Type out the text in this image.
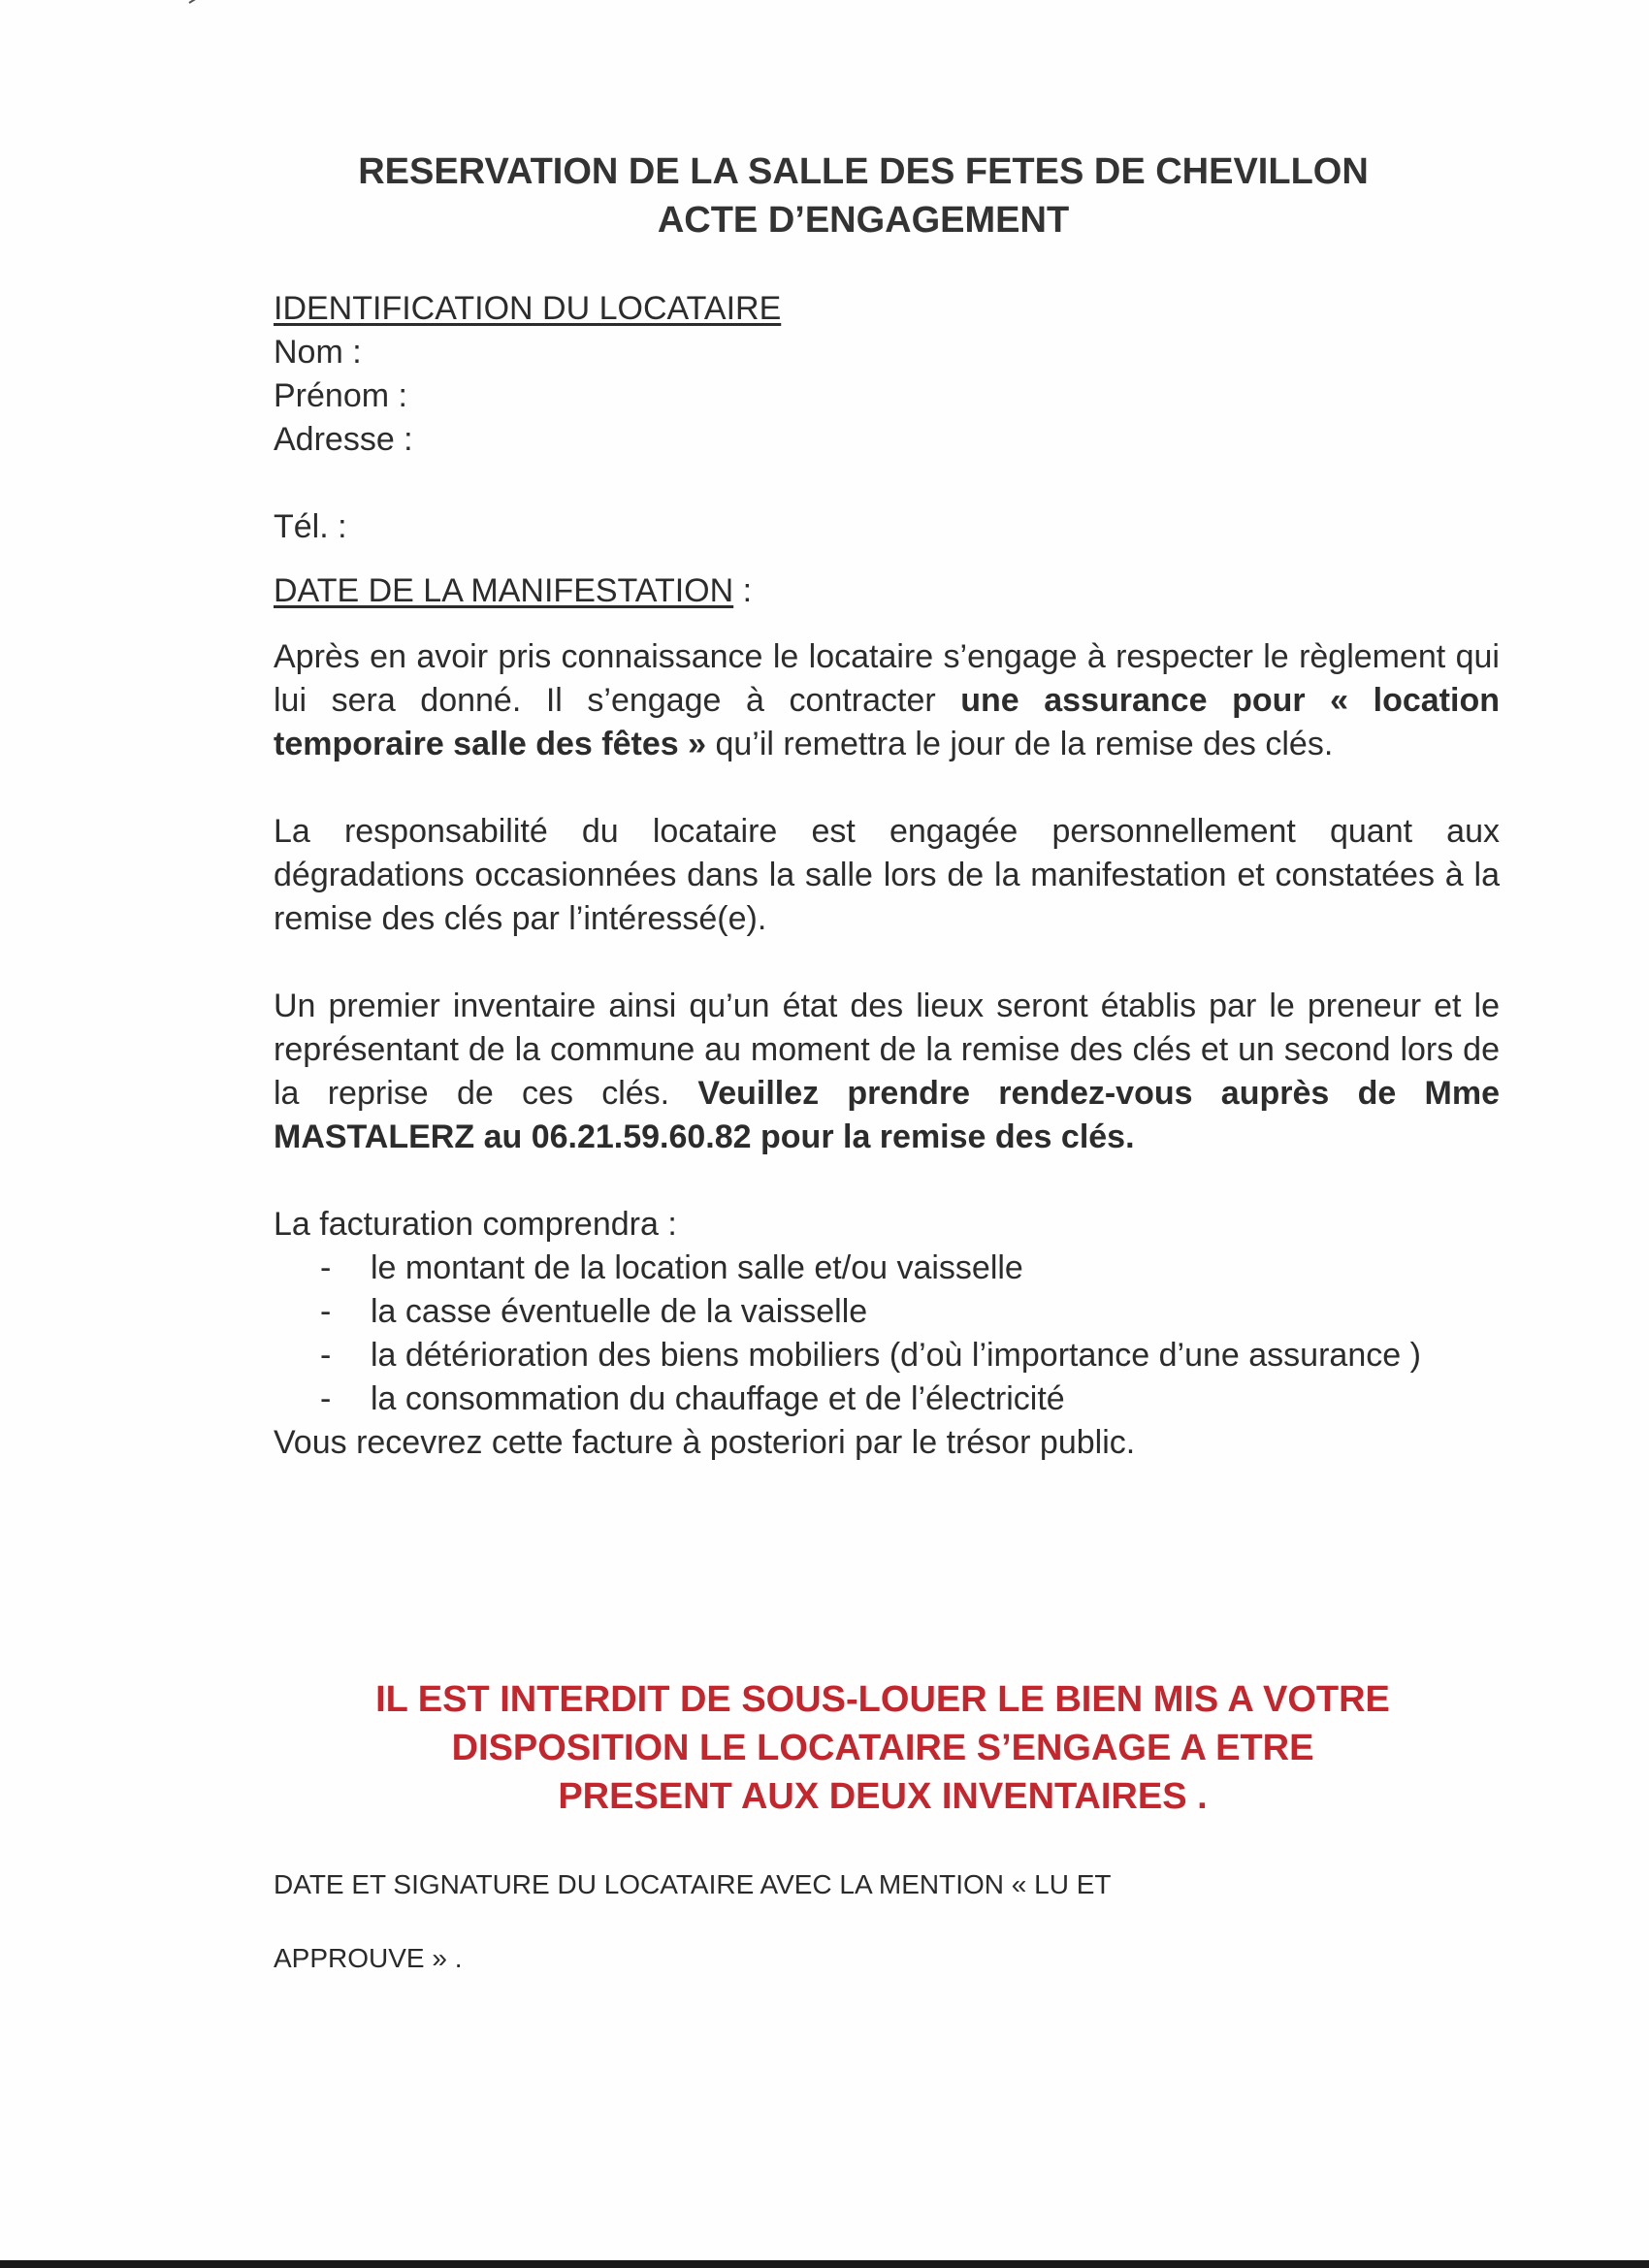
RESERVATION DE LA SALLE DES FETES DE CHEVILLON
ACTE D’ENGAGEMENT
IDENTIFICATION DU LOCATAIRE
Nom :
Prénom :
Adresse :
Tél. :
DATE DE LA MANIFESTATION :

Après en avoir pris connaissance le locataire s’engage à respecter le règlement qui lui sera donné. Il s’engage à contracter une assurance pour « location temporaire salle des fêtes » qu’il remettra le jour de la remise des clés.

La responsabilité du locataire est engagée personnellement quant aux dégradations occasionnées dans la salle lors de la manifestation et constatées à la remise des clés par l’intéressé(e).

Un premier inventaire ainsi qu’un état des lieux seront établis par le preneur et le représentant de la commune au moment de la remise des clés et un second lors de la reprise de ces clés. Veuillez prendre rendez-vous auprès de Mme MASTALERZ au 06.21.59.60.82 pour la remise des clés.

La facturation comprendra :
- le montant de la location salle et/ou vaisselle
- la casse éventuelle de la vaisselle
- la détérioration des biens mobiliers (d’où l’importance d’une assurance )
- la consommation du chauffage et de l’électricité
Vous recevrez cette facture à posteriori par le trésor public.
IL EST INTERDIT DE SOUS-LOUER LE BIEN MIS A VOTRE
DISPOSITION LE LOCATAIRE S’ENGAGE A ETRE
PRESENT AUX DEUX INVENTAIRES .
DATE ET SIGNATURE DU LOCATAIRE AVEC LA MENTION « LU ET
APPROUVE » .
